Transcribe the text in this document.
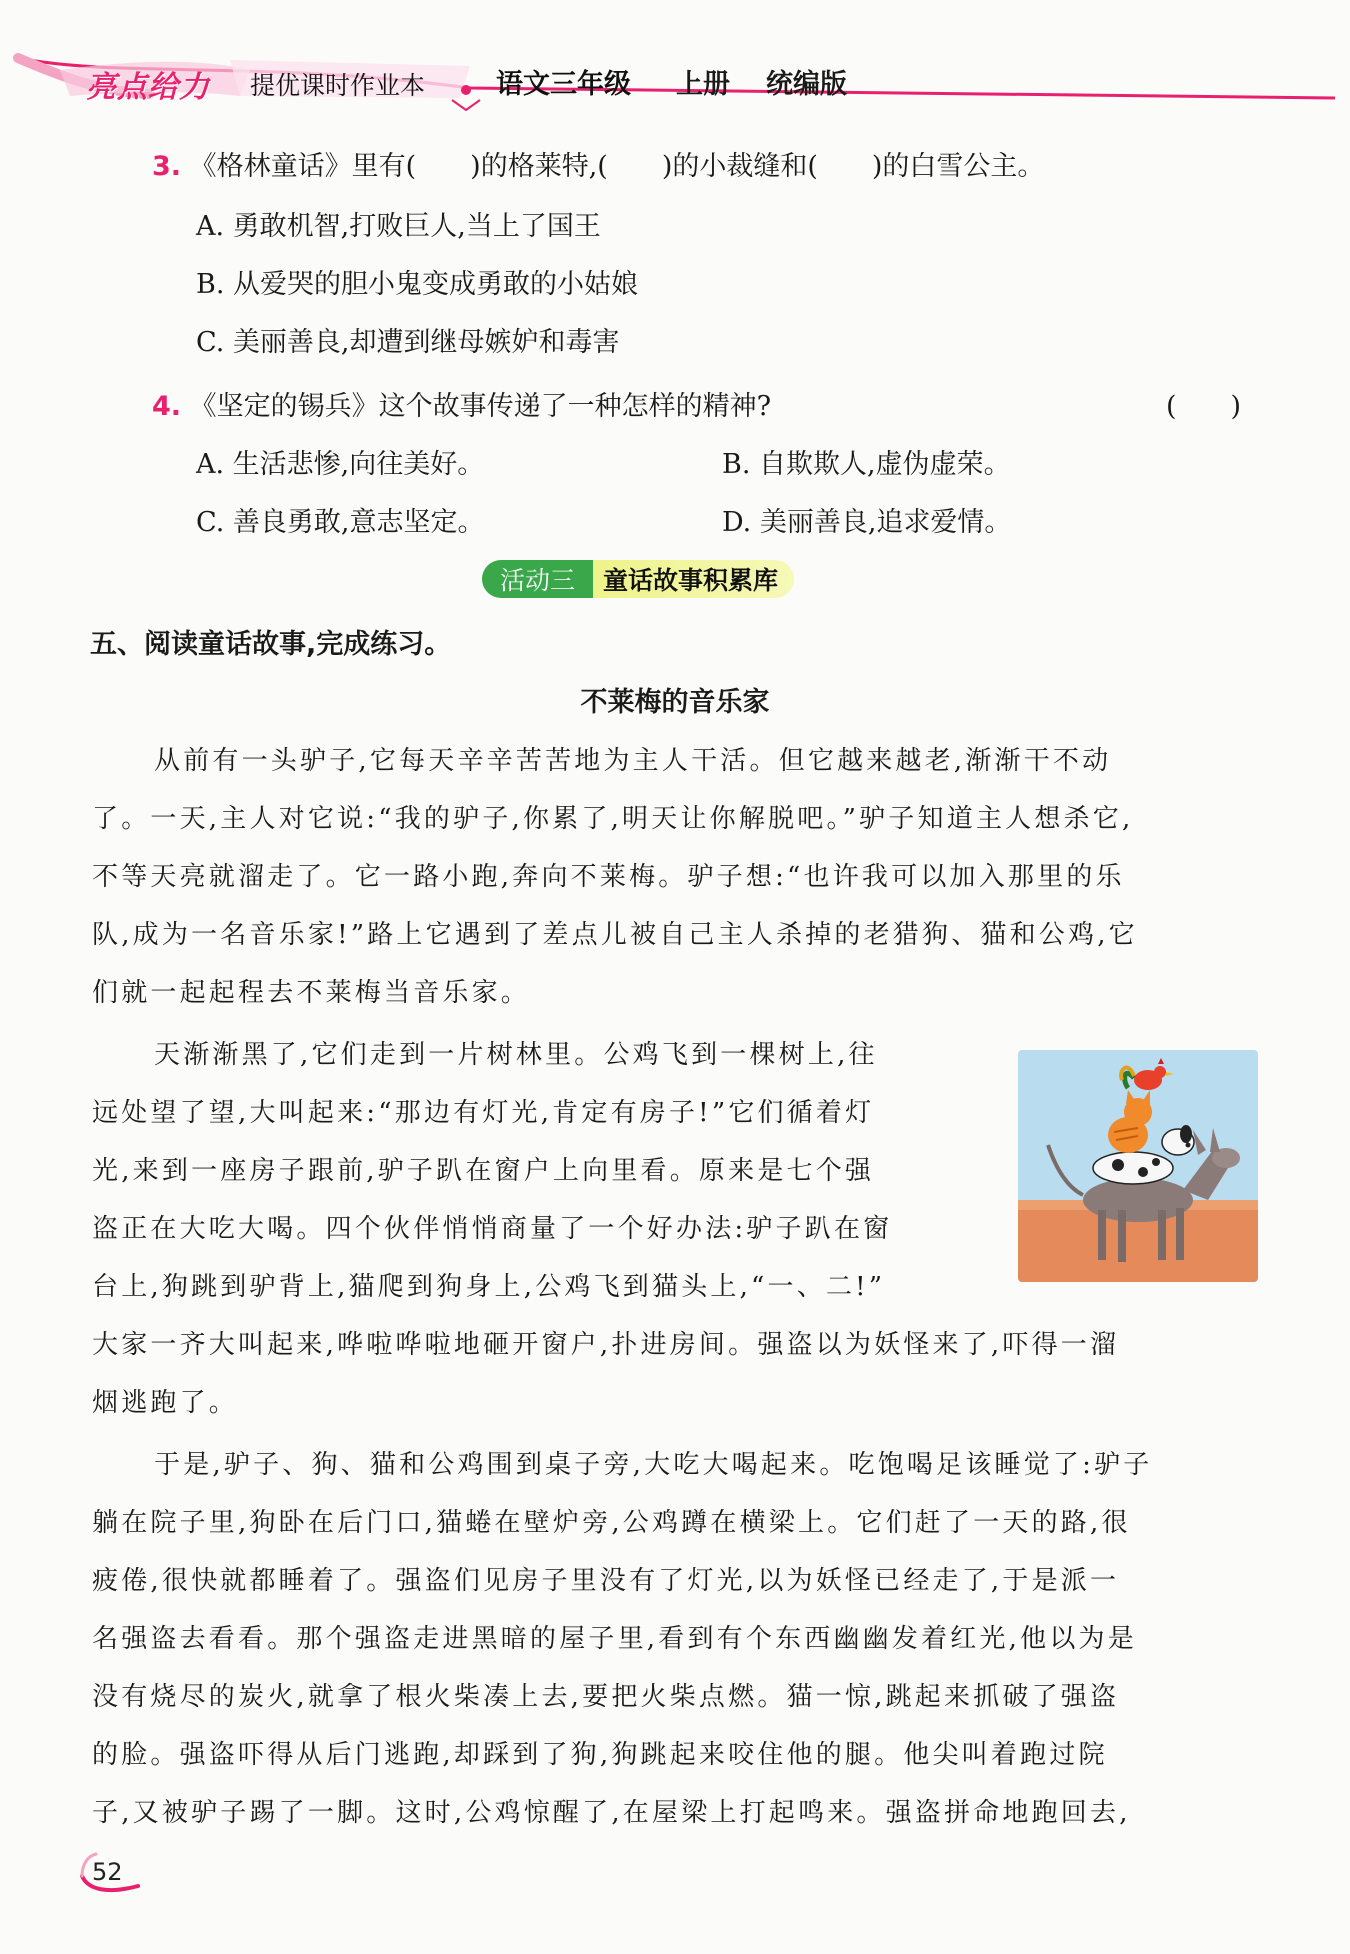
亮点给力 提优课时作业本	语文三年级 上册 统编版
3. 《格林童话》里有(　　)的格莱特,(　　)的小裁缝和(　　)的白雪公主。
A. 勇敢机智,打败巨人,当上了国王
B. 从爱哭的胆小鬼变成勇敢的小姑娘
C. 美丽善良,却遭到继母嫉妒和毒害
4. 《坚定的锡兵》这个故事传递了一种怎样的精神?	(　　)
A. 生活悲惨,向往美好。	B. 自欺欺人,虚伪虚荣。
C. 善良勇敢,意志坚定。	D. 美丽善良,追求爱情。
活动三	童话故事积累库
五、阅读童话故事,完成练习。
不莱梅的音乐家
从前有一头驴子,它每天辛辛苦苦地为主人干活。但它越来越老,渐渐干不动
了。一天,主人对它说:“我的驴子,你累了,明天让你解脱吧。”驴子知道主人想杀它,
不等天亮就溜走了。它一路小跑,奔向不莱梅。驴子想:“也许我可以加入那里的乐
队,成为一名音乐家!”路上它遇到了差点儿被自己主人杀掉的老猎狗、猫和公鸡,它
们就一起起程去不莱梅当音乐家。
天渐渐黑了,它们走到一片树林里。公鸡飞到一棵树上,往
远处望了望,大叫起来:“那边有灯光,肯定有房子!”它们循着灯
光,来到一座房子跟前,驴子趴在窗户上向里看。原来是七个强
盗正在大吃大喝。四个伙伴悄悄商量了一个好办法:驴子趴在窗
台上,狗跳到驴背上,猫爬到狗身上,公鸡飞到猫头上,“一、二!”
大家一齐大叫起来,哗啦哗啦地砸开窗户,扑进房间。强盗以为妖怪来了,吓得一溜
烟逃跑了。
于是,驴子、狗、猫和公鸡围到桌子旁,大吃大喝起来。吃饱喝足该睡觉了:驴子
躺在院子里,狗卧在后门口,猫蜷在壁炉旁,公鸡蹲在横梁上。它们赶了一天的路,很
疲倦,很快就都睡着了。强盗们见房子里没有了灯光,以为妖怪已经走了,于是派一
名强盗去看看。那个强盗走进黑暗的屋子里,看到有个东西幽幽发着红光,他以为是
没有烧尽的炭火,就拿了根火柴凑上去,要把火柴点燃。猫一惊,跳起来抓破了强盗
的脸。强盗吓得从后门逃跑,却踩到了狗,狗跳起来咬住他的腿。他尖叫着跑过院
子,又被驴子踢了一脚。这时,公鸡惊醒了,在屋梁上打起鸣来。强盗拼命地跑回去,
52
